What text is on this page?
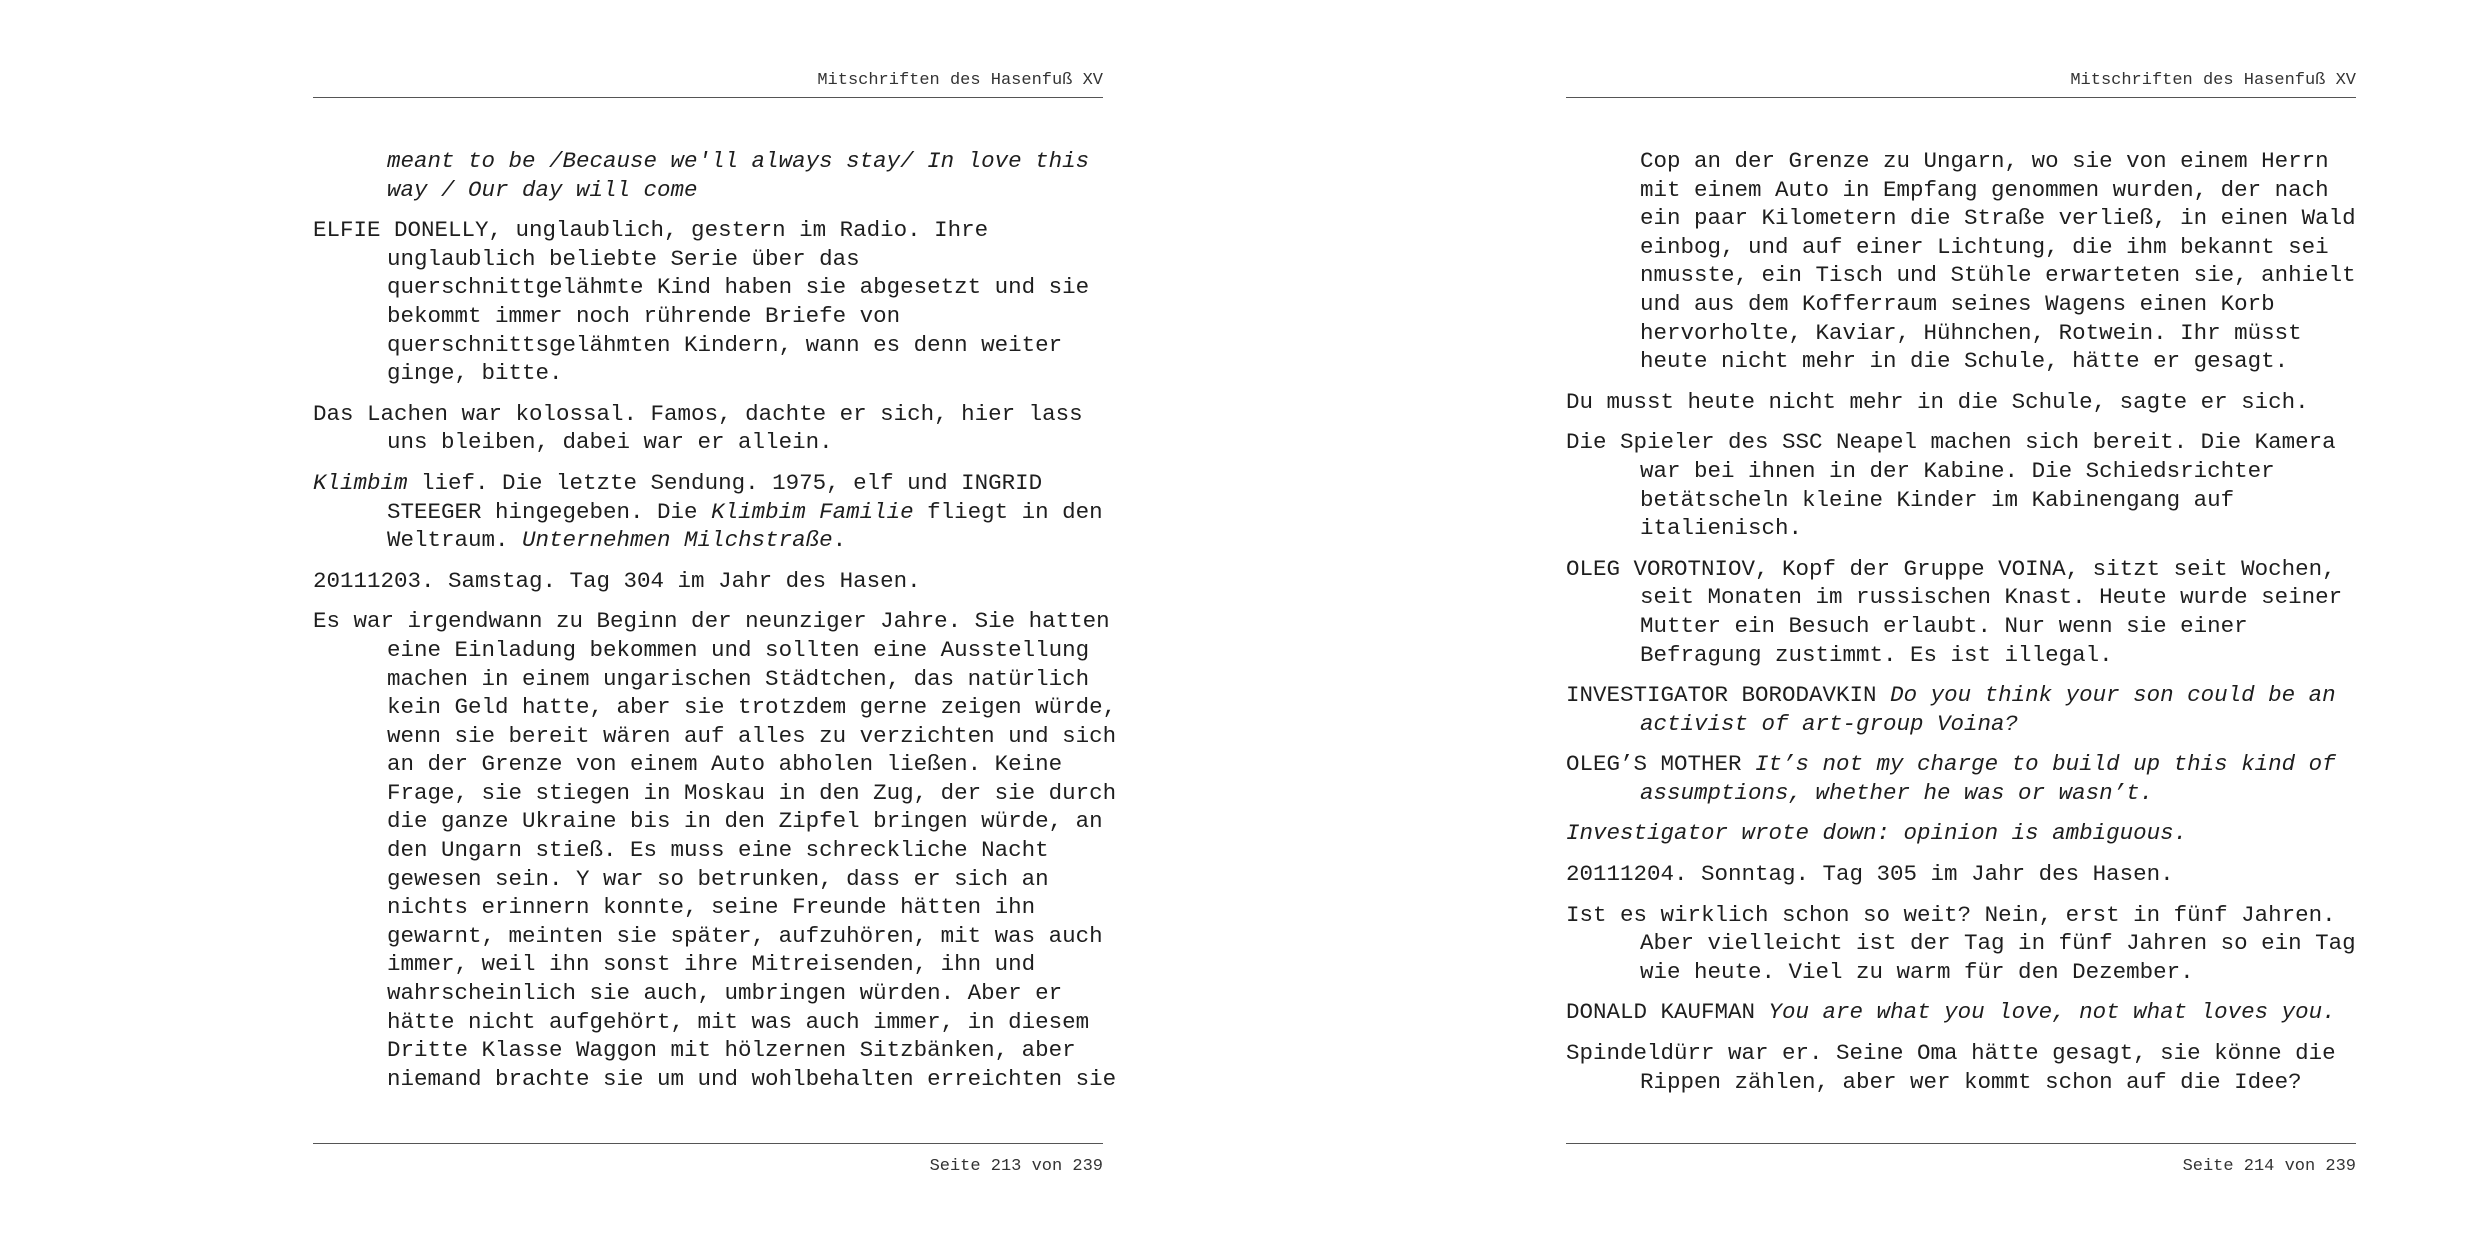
Mitschriften des Hasenfuß XV

meant to be /Because we'll always stay/ In love this
way / Our day will come

ELFIE DONELLY, unglaublich, gestern im Radio. Ihre
unglaublich beliebte Serie über das
querschnittgelähmte Kind haben sie abgesetzt und sie
bekommt immer noch rührende Briefe von
querschnittsgelähmten Kindern, wann es denn weiter
ginge, bitte.

Das Lachen war kolossal. Famos, dachte er sich, hier lass
uns bleiben, dabei war er allein.

Klimbim lief. Die letzte Sendung. 1975, elf und INGRID
STEEGER hingegeben. Die Klimbim Familie fliegt in den
Weltraum. Unternehmen Milchstraße.

20111203. Samstag. Tag 304 im Jahr des Hasen.

Es war irgendwann zu Beginn der neunziger Jahre. Sie hatten
eine Einladung bekommen und sollten eine Ausstellung
machen in einem ungarischen Städtchen, das natürlich
kein Geld hatte, aber sie trotzdem gerne zeigen würde,
wenn sie bereit wären auf alles zu verzichten und sich
an der Grenze von einem Auto abholen ließen. Keine
Frage, sie stiegen in Moskau in den Zug, der sie durch
die ganze Ukraine bis in den Zipfel bringen würde, an
den Ungarn stieß. Es muss eine schreckliche Nacht
gewesen sein. Y war so betrunken, dass er sich an
nichts erinnern konnte, seine Freunde hätten ihn
gewarnt, meinten sie später, aufzuhören, mit was auch
immer, weil ihn sonst ihre Mitreisenden, ihn und
wahrscheinlich sie auch, umbringen würden. Aber er
hätte nicht aufgehört, mit was auch immer, in diesem
Dritte Klasse Waggon mit hölzernen Sitzbänken, aber
niemand brachte sie um und wohlbehalten erreichten sie

Seite 213 von 239
Mitschriften des Hasenfuß XV

Cop an der Grenze zu Ungarn, wo sie von einem Herrn
mit einem Auto in Empfang genommen wurden, der nach
ein paar Kilometern die Straße verließ, in einen Wald
einbog, und auf einer Lichtung, die ihm bekannt sei
nmusste, ein Tisch und Stühle erwarteten sie, anhielt
und aus dem Kofferraum seines Wagens einen Korb
hervorholte, Kaviar, Hühnchen, Rotwein. Ihr müsst
heute nicht mehr in die Schule, hätte er gesagt.

Du musst heute nicht mehr in die Schule, sagte er sich.

Die Spieler des SSC Neapel machen sich bereit. Die Kamera
war bei ihnen in der Kabine. Die Schiedsrichter
betätscheln kleine Kinder im Kabinengang auf
italienisch.

OLEG VOROTNIOV, Kopf der Gruppe VOINA, sitzt seit Wochen,
seit Monaten im russischen Knast. Heute wurde seiner
Mutter ein Besuch erlaubt. Nur wenn sie einer
Befragung zustimmt. Es ist illegal.

INVESTIGATOR BORODAVKIN Do you think your son could be an
activist of art-group Voina?

OLEG’S MOTHER It’s not my charge to build up this kind of
assumptions, whether he was or wasn’t.

Investigator wrote down: opinion is ambiguous.

20111204. Sonntag. Tag 305 im Jahr des Hasen.

Ist es wirklich schon so weit? Nein, erst in fünf Jahren.
Aber vielleicht ist der Tag in fünf Jahren so ein Tag
wie heute. Viel zu warm für den Dezember.

DONALD KAUFMAN You are what you love, not what loves you.

Spindeldürr war er. Seine Oma hätte gesagt, sie könne die
Rippen zählen, aber wer kommt schon auf die Idee?

Seite 214 von 239
